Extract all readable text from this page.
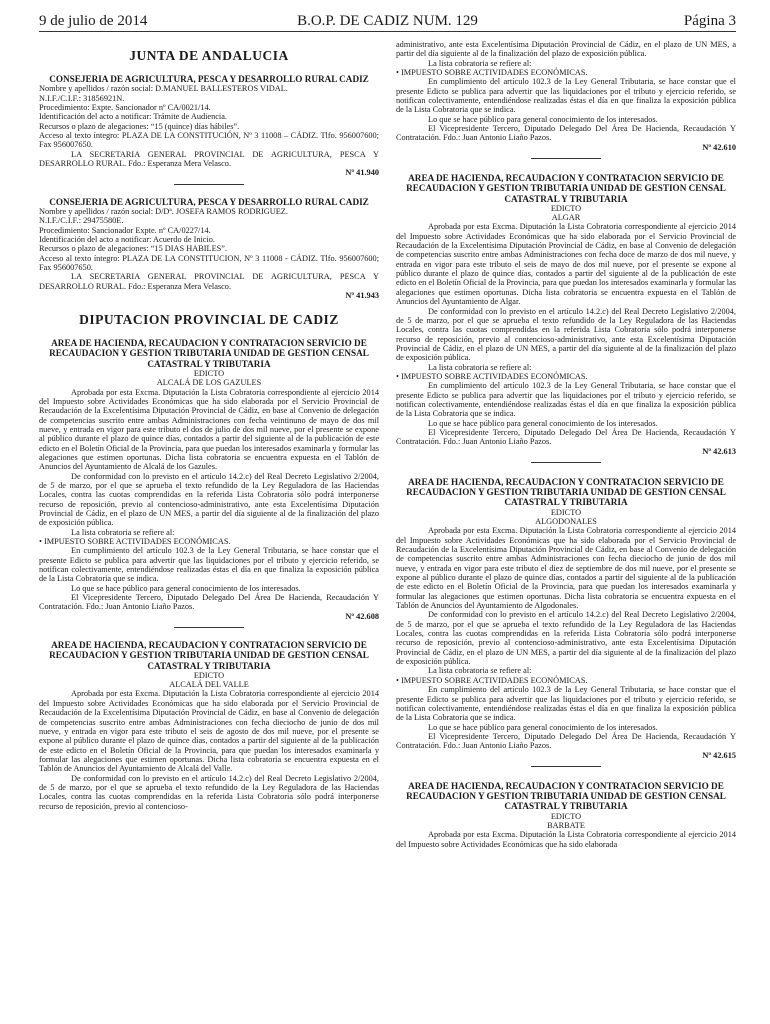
9 de julio de 2014	B.O.P. DE CADIZ NUM. 129	Página 3
JUNTA DE ANDALUCIA
CONSEJERIA DE AGRICULTURA, PESCA Y DESARROLLO RURAL CADIZ

Nombre y apellidos / razón social: D.MANUEL BALLESTEROS VIDAL.

N.I.F./C.I.F.: 31856921N.

Procedimiento: Expte. Sancionador nº CA/0021/14.

Identificación del acto a notificar: Trámite de Audiencia.

Recursos o plazo de alegaciones: “15 (quince) días hábiles”.

Acceso al texto íntegro: PLAZA DE LA CONSTITUCIÓN, Nº 3 11008 – CÁDIZ. Tlfo. 956007600; Fax 956007650.

LA SECRETARIA GENERAL PROVINCIAL DE AGRICULTURA, PESCA Y DESARROLLO RURAL. Fdo.: Esperanza Mera Velasco.

Nº 41.940
CONSEJERIA DE AGRICULTURA, PESCA Y DESARROLLO RURAL CADIZ

Nombre y apellidos / razón social: D/Dª. JOSEFA RAMOS RODRIGUEZ.

N.I.F./C.I.F.: 29475580E.

Procedimiento: Sancionador Expte. nº CA/0227/14.

Identificación del acto a notificar: Acuerdo de Inicio.

Recursos o plazo de alegaciones: “15 DIAS HABILES”.

Acceso al texto íntegro: PLAZA DE LA CONSTITUCION, Nº 3 11008 - CÁDIZ. Tlfo. 956007600; Fax 956007650.

LA SECRETARIA GENERAL PROVINCIAL DE AGRICULTURA, PESCA Y DESARROLLO RURAL. Fdo.: Esperanza Mera Velasco.

Nº 41.943
DIPUTACION PROVINCIAL DE CADIZ
AREA DE HACIENDA, RECAUDACION Y CONTRATACION SERVICIO DE RECAUDACION Y GESTION TRIBUTARIA UNIDAD DE GESTION CENSAL CATASTRAL Y TRIBUTARIA
EDICTO
ALCALÁ DE LOS GAZULES

Aprobada por esta Excma. Diputación la Lista Cobratoria correspondiente al ejercicio 2014 del Impuesto sobre Actividades Económicas que ha sido elaborada por el Servicio Provincial de Recaudación de la Excelentísima Diputación Provincial de Cádiz, en base al Convenio de delegación de competencias suscrito entre ambas Administraciones con fecha veintinuno de mayo de dos mil nueve, y entrada en vigor para este tributo el dos de julio de dos mil nueve, por el presente se expone al público durante el plazo de quince días, contados a partir del siguiente al de la publicación de este edicto en el Boletín Oficial de la Provincia, para que puedan los interesados examinarla y formular las alegaciones que estimen oportunas. Dicha lista cobratoria se encuentra expuesta en el Tablón de Anuncios del Ayuntamiento de Alcalá de los Gazules.

De conformidad con lo previsto en el artículo 14.2.c) del Real Decreto Legislativo 2/2004, de 5 de marzo, por el que se aprueba el texto refundido de la Ley Reguladora de las Haciendas Locales, contra las cuotas comprendidas en la referida Lista Cobratoria sólo podrá interponerse recurso de reposición, previo al contencioso-administrativo, ante esta Excelentísima Diputación Provincial de Cádiz, en el plazo de UN MES, a partir del día siguiente al de la finalización del plazo de exposición pública.

La lista cobratoria se refiere al:

• IMPUESTO SOBRE ACTIVIDADES ECONÓMICAS.

En cumplimiento del artículo 102.3 de la Ley General Tributaria, se hace constar que el presente Edicto se publica para advertir que las liquidaciones por el tributo y ejercicio referido, se notifican colectivamente, entendiéndose realizadas éstas el día en que finaliza la exposición pública de la Lista Cobratoria que se indica.

Lo que se hace público para general conocimiento de los interesados.

El Vicepresidente Tercero, Diputado Delegado Del Área De Hacienda, Recaudación Y Contratación. Fdo.: Juan Antonio Liaño Pazos.

Nº 42.608
AREA DE HACIENDA, RECAUDACION Y CONTRATACION SERVICIO DE RECAUDACION Y GESTION TRIBUTARIA UNIDAD DE GESTION CENSAL CATASTRAL Y TRIBUTARIA
EDICTO
ALCALÁ DEL VALLE

Aprobada por esta Excma. Diputación la Lista Cobratoria correspondiente al ejercicio 2014 del Impuesto sobre Actividades Económicas que ha sido elaborada por el Servicio Provincial de Recaudación de la Excelentísima Diputación Provincial de Cádiz, en base al Convenio de delegación de competencias suscrito entre ambas Administraciones con fecha dieciocho de junio de dos mil nueve, y entrada en vigor para este tributo el seis de agosto de dos mil nueve, por el presente se expone al público durante el plazo de quince días, contados a partir del siguiente al de la publicación de este edicto en el Boletín Oficial de la Provincia, para que puedan los interesados examinarla y formular las alegaciones que estimen oportunas. Dicha lista cobratoria se encuentra expuesta en el Tablón de Anuncios del Ayuntamiento de Alcalá del Valle.

De conformidad con lo previsto en el artículo 14.2.c) del Real Decreto Legislativo 2/2004, de 5 de marzo, por el que se aprueba el texto refundido de la Ley Reguladora de las Haciendas Locales, contra las cuotas comprendidas en la referida Lista Cobratoria sólo podrá interponerse recurso de reposición, previo al contencioso-

administrativo, ante esta Excelentísima Diputación Provincial de Cádiz, en el plazo de UN MES, a partir del día siguiente al de la finalización del plazo de exposición pública.

La lista cobratoria se refiere al:

• IMPUESTO SOBRE ACTIVIDADES ECONÓMICAS.

En cumplimiento del artículo 102.3 de la Ley General Tributaria, se hace constar que el presente Edicto se publica para advertir que las liquidaciones por el tributo y ejercicio referido, se notifican colectivamente, entendiéndose realizadas éstas el día en que finaliza la exposición pública de la Lista Cobratoria que se indica.

Lo que se hace público para general conocimiento de los interesados.

El Vicepresidente Tercero, Diputado Delegado Del Área De Hacienda, Recaudación Y Contratación. Fdo.: Juan Antonio Liaño Pazos.

Nº 42.610
AREA DE HACIENDA, RECAUDACION Y CONTRATACION SERVICIO DE RECAUDACION Y GESTION TRIBUTARIA UNIDAD DE GESTION CENSAL CATASTRAL Y TRIBUTARIA
EDICTO
ALGAR

Aprobada por esta Excma. Diputación la Lista Cobratoria correspondiente al ejercicio 2014 del Impuesto sobre Actividades Económicas que ha sido elaborada por el Servicio Provincial de Recaudación de la Excelentísima Diputación Provincial de Cádiz, en base al Convenio de delegación de competencias suscrito entre ambas Administraciones con fecha doce de marzo de dos mil nueve, y entrada en vigor para este tributo el seis de mayo de dos mil nueve, por el presente se expone al público durante el plazo de quince días, contados a partir del siguiente al de la publicación de este edicto en el Boletín Oficial de la Provincia, para que puedan los interesados examinarla y formular las alegaciones que estimen oportunas. Dicha lista cobratoria se encuentra expuesta en el Tablón de Anuncios del Ayuntamiento de Algar.

De conformidad con lo previsto en el artículo 14.2.c) del Real Decreto Legislativo 2/2004, de 5 de marzo, por el que se aprueba el texto refundido de la Ley Reguladora de las Haciendas Locales, contra las cuotas comprendidas en la referida Lista Cobratoria sólo podrá interponerse recurso de reposición, previo al contencioso-administrativo, ante esta Excelentísima Diputación Provincial de Cádiz, en el plazo de UN MES, a partir del día siguiente al de la finalización del plazo de exposición pública.

La lista cobratoria se refiere al:

• IMPUESTO SOBRE ACTIVIDADES ECONÓMICAS.

En cumplimiento del artículo 102.3 de la Ley General Tributaria, se hace constar que el presente Edicto se publica para advertir que las liquidaciones por el tributo y ejercicio referido, se notifican colectivamente, entendiéndose realizadas éstas el día en que finaliza la exposición pública de la Lista Cobratoria que se indica.

Lo que se hace público para general conocimiento de los interesados.

El Vicepresidente Tercero, Diputado Delegado Del Área De Hacienda, Recaudación Y Contratación. Fdo.: Juan Antonio Liaño Pazos.

Nº 42.613
AREA DE HACIENDA, RECAUDACION Y CONTRATACION SERVICIO DE RECAUDACION Y GESTION TRIBUTARIA UNIDAD DE GESTION CENSAL CATASTRAL Y TRIBUTARIA
EDICTO
ALGODONALES

Aprobada por esta Excma. Diputación la Lista Cobratoria correspondiente al ejercicio 2014 del Impuesto sobre Actividades Económicas que ha sido elaborada por el Servicio Provincial de Recaudación de la Excelentísima Diputación Provincial de Cádiz, en base al Convenio de delegación de competencias suscrito entre ambas Administraciones con fecha dieciocho de junio de dos mil nueve, y entrada en vigor para este tributo el diez de septiembre de dos mil nueve, por el presente se expone al público durante el plazo de quince días, contados a partir del siguiente al de la publicación de este edicto en el Boletín Oficial de la Provincia, para que puedan los interesados examinarla y formular las alegaciones que estimen oportunas. Dicha lista cobratoria se encuentra expuesta en el Tablón de Anuncios del Ayuntamiento de Algodonales.

De conformidad con lo previsto en el artículo 14.2.c) del Real Decreto Legislativo 2/2004, de 5 de marzo, por el que se aprueba el texto refundido de la Ley Reguladora de las Haciendas Locales, contra las cuotas comprendidas en la referida Lista Cobratoria sólo podrá interponerse recurso de reposición, previo al contencioso-administrativo, ante esta Excelentísima Diputación Provincial de Cádiz, en el plazo de UN MES, a partir del día siguiente al de la finalización del plazo de exposición pública.

La lista cobratoria se refiere al:

• IMPUESTO SOBRE ACTIVIDADES ECONÓMICAS.

En cumplimiento del artículo 102.3 de la Ley General Tributaria, se hace constar que el presente Edicto se publica para advertir que las liquidaciones por el tributo y ejercicio referido, se notifican colectivamente, entendiéndose realizadas éstas el día en que finaliza la exposición pública de la Lista Cobratoria que se indica.

Lo que se hace público para general conocimiento de los interesados.

El Vicepresidente Tercero, Diputado Delegado Del Área De Hacienda, Recaudación Y Contratación. Fdo.: Juan Antonio Liaño Pazos.

Nº 42.615
AREA DE HACIENDA, RECAUDACION Y CONTRATACION SERVICIO DE RECAUDACION Y GESTION TRIBUTARIA UNIDAD DE GESTION CENSAL CATASTRAL Y TRIBUTARIA
EDICTO
BARBATE

Aprobada por esta Excma. Diputación la Lista Cobratoria correspondiente al ejercicio 2014 del Impuesto sobre Actividades Económicas que ha sido elaborada
